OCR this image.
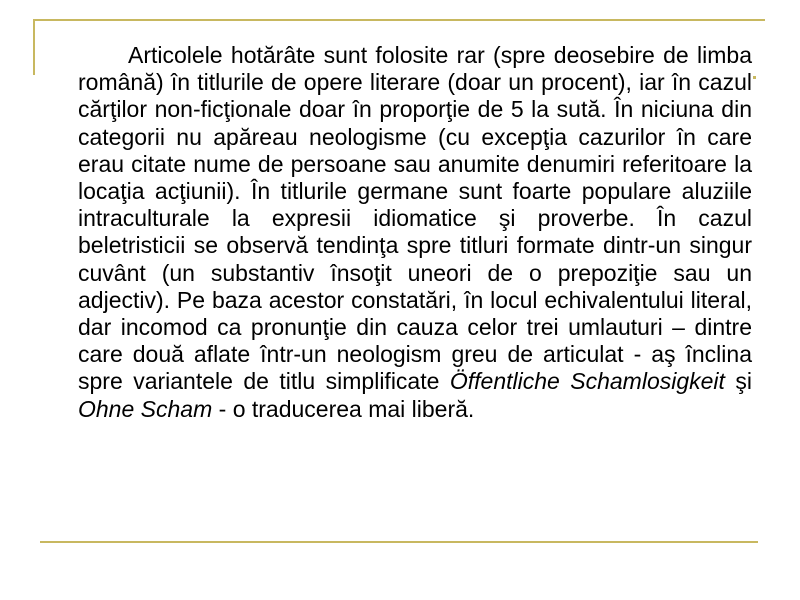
Articolele hotărâte sunt folosite rar (spre deosebire de limba română) în titlurile de opere literare (doar un procent), iar în cazul cărţilor non-ficţionale doar în proporţie de 5 la sută. În niciuna din categorii nu apăreau neologisme (cu excepţia cazurilor în care erau citate nume de persoane sau anumite denumiri referitoare la locaţia acţiunii). În titlurile germane sunt foarte populare aluziile intraculturale la expresii idiomatice şi proverbe. În cazul beletristicii se observă tendinţa spre titluri formate dintr-un singur cuvânt (un substantiv însoţit uneori de o prepoziţie sau un adjectiv). Pe baza acestor constatări, în locul echivalentului literal, dar incomod ca pronunţie din cauza celor trei umlauturi – dintre care două aflate într-un neologism greu de articulat - aş înclina spre variantele de titlu simplificate Öffentliche Schamlosigkeit şi Ohne Scham - o traducerea mai liberă.
